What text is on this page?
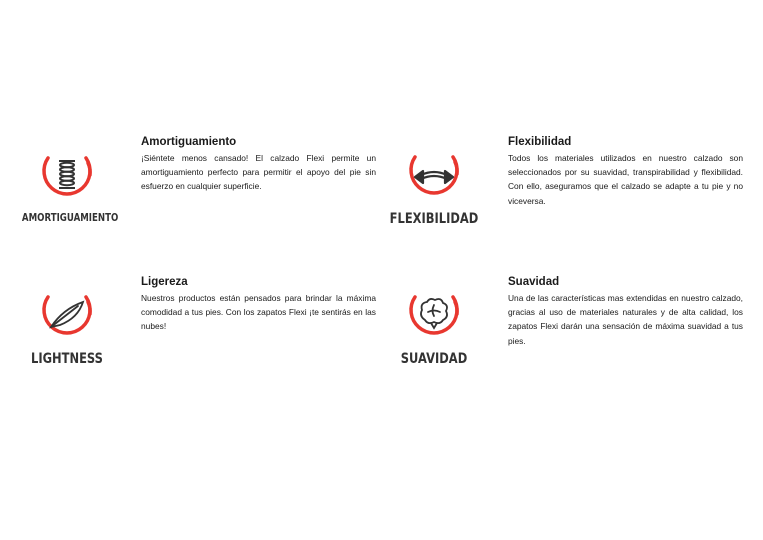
AMORTIGUAMIENTO

Amortiguamiento

¡Siéntete menos cansado! El calzado Flexi permite un amortiguamiento perfecto para permitir el apoyo del pie sin esfuerzo en cualquier superficie.

FLEXIBILIDAD

Flexibilidad

Todos los materiales utilizados en nuestro calzado son seleccionados por su suavidad, transpirabilidad y flexibilidad. Con ello, aseguramos que el calzado se adapte a tu pie y no viceversa.

LIGHTNESS

Ligereza

Nuestros productos están pensados para brindar la máxima comodidad a tus pies. Con los zapatos Flexi ¡te sentirás en las nubes!

SUAVIDAD

Suavidad

Una de las características mas extendidas en nuestro calzado, gracias al uso de materiales naturales y de alta calidad, los zapatos Flexi darán una sensación de máxima suavidad a tus pies.
